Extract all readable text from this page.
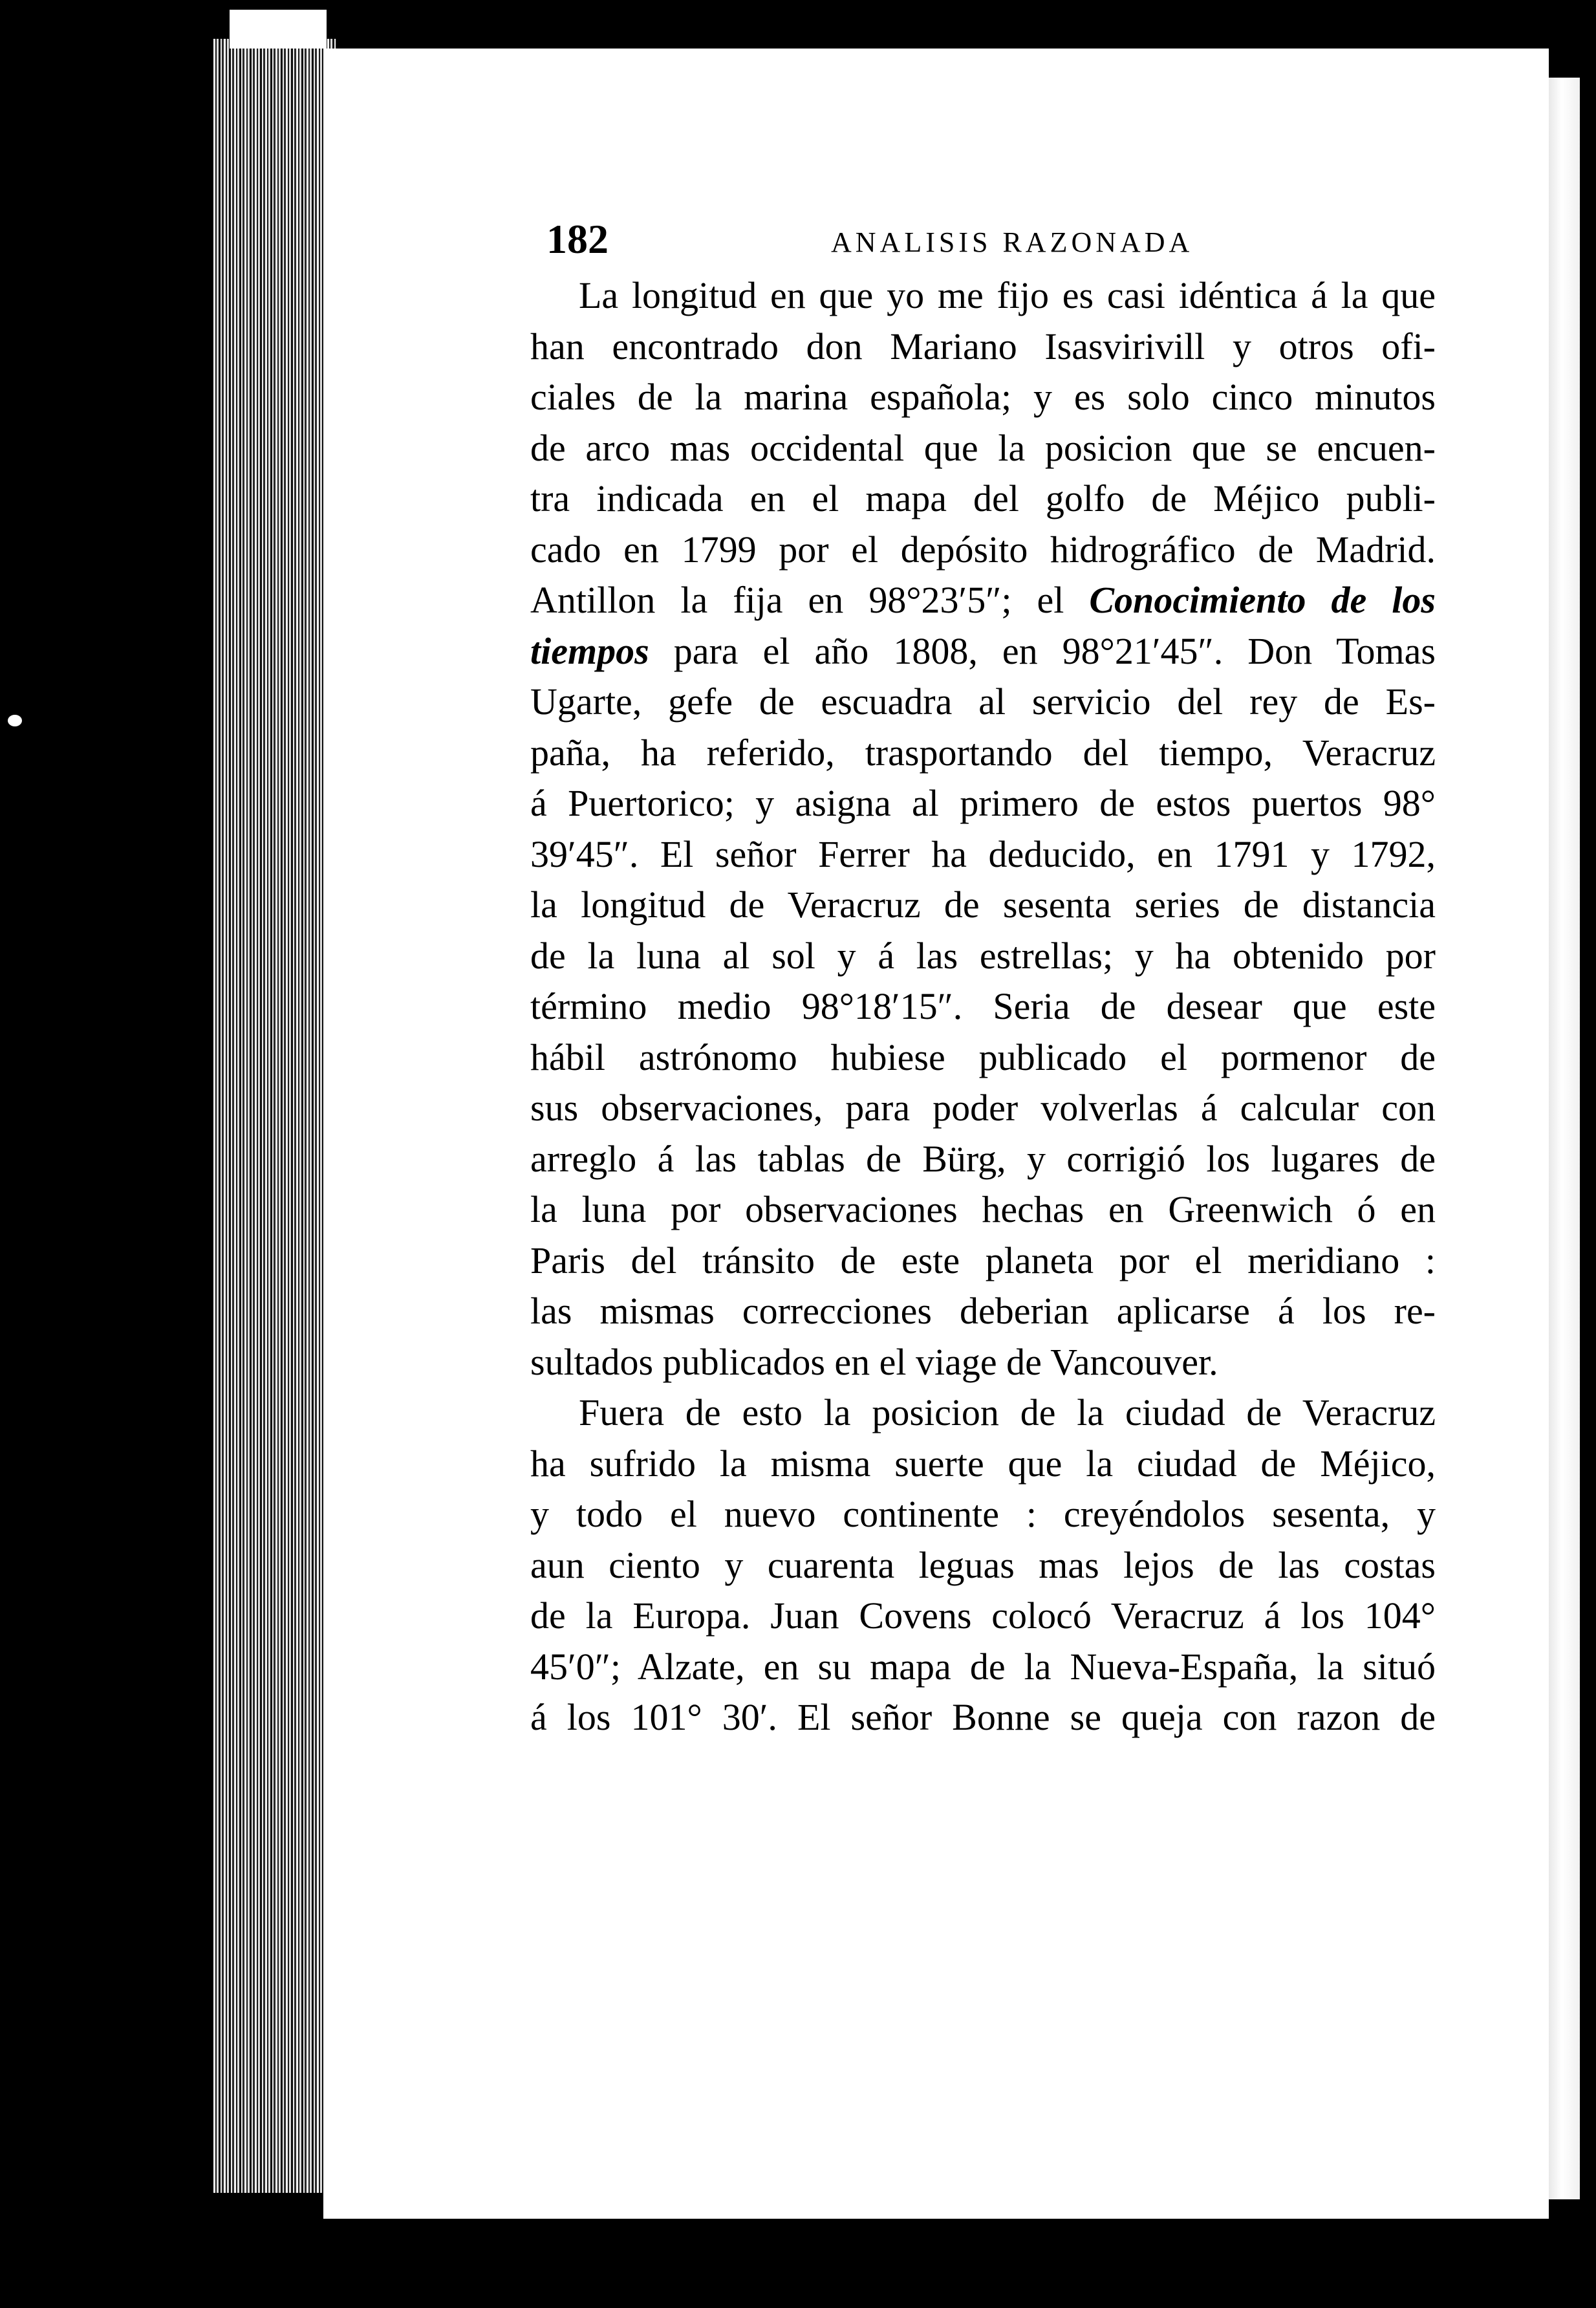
182	ANALISIS RAZONADA
La longitud en que yo me fijo es casi idéntica á la que
han encontrado don Mariano Isasvirivill y otros ofi-
ciales de la marina española; y es solo cinco minutos
de arco mas occidental que la posicion que se encuen-
tra indicada en el mapa del golfo de Méjico publi-
cado en 1799 por el depósito hidrográfico de Madrid.
Antillon la fija en 98°23′5″; el Conocimiento de los
tiempos para el año 1808, en 98°21′45″. Don Tomas
Ugarte, gefe de escuadra al servicio del rey de Es-
paña, ha referido, trasportando del tiempo, Veracruz
á Puertorico; y asigna al primero de estos puertos 98°
39′45″. El señor Ferrer ha deducido, en 1791 y 1792,
la longitud de Veracruz de sesenta series de distancia
de la luna al sol y á las estrellas; y ha obtenido por
término medio 98°18′15″. Seria de desear que este
hábil astrónomo hubiese publicado el pormenor de
sus observaciones, para poder volverlas á calcular con
arreglo á las tablas de Bürg, y corrigió los lugares de
la luna por observaciones hechas en Greenwich ó en
Paris del tránsito de este planeta por el meridiano :
las mismas correcciones deberian aplicarse á los re-
sultados publicados en el viage de Vancouver.
Fuera de esto la posicion de la ciudad de Veracruz
ha sufrido la misma suerte que la ciudad de Méjico,
y todo el nuevo continente : creyéndolos sesenta, y
aun ciento y cuarenta leguas mas lejos de las costas
de la Europa. Juan Covens colocó Veracruz á los 104°
45′0″; Alzate, en su mapa de la Nueva-España, la situó
á los 101° 30′. El señor Bonne se queja con razon de
